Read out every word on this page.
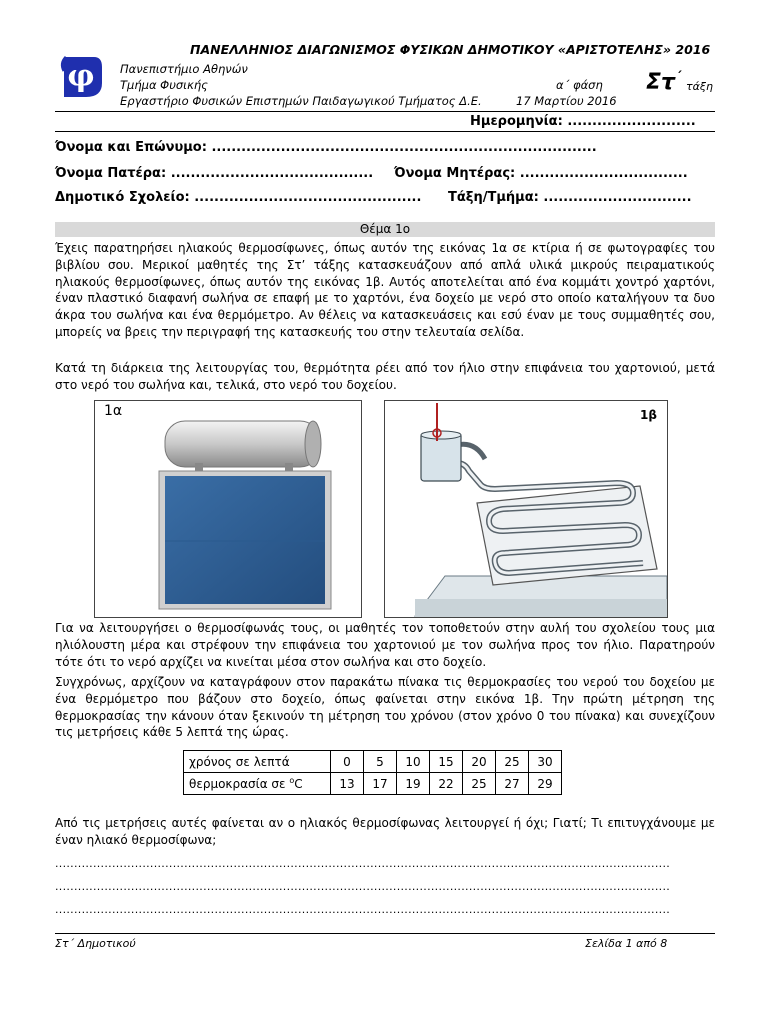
ΠΑΝΕΛΛΗΝΙΟΣ ΔΙΑΓΩΝΙΣΜΟΣ ΦΥΣΙΚΩΝ ΔΗΜΟΤΙΚΟΥ «ΑΡΙΣΤΟΤΕΛΗΣ» 2016
φ Πανεπιστήμιο Αθηνών
Τμήμα Φυσικής
Εργαστήριο Φυσικών Επιστημών Παιδαγωγικού Τμήματος Δ.Ε.
α΄ φάση
17 Μαρτίου 2016
Στ ΄
τάξη
Ημερομηνία: ..........................
Όνομα και Επώνυμο: ..............................................................................
Όνομα Πατέρα: ......................................... Όνομα Μητέρας: ..................................
Δημοτικό Σχολείο: .............................................. Τάξη/Τμήμα: ..............................
Θέμα 1ο

Έχεις παρατηρήσει ηλιακούς θερμοσίφωνες, όπως αυτόν της εικόνας 1α σε κτίρια ή σε φωτογραφίες του βιβλίου σου. Μερικοί μαθητές της Στ’ τάξης κατασκευάζουν από απλά υλικά μικρούς πειραματικούς ηλιακούς θερμοσίφωνες, όπως αυτόν της εικόνας 1β. Αυτός αποτελείται από ένα κομμάτι χοντρό χαρτόνι, έναν πλαστικό διαφανή σωλήνα σε επαφή με το χαρτόνι, ένα δοχείο με νερό στο οποίο καταλήγουν τα δυο άκρα του σωλήνα και ένα θερμόμετρο. Αν θέλεις να κατασκευάσεις και εσύ έναν με τους συμμαθητές σου, μπορείς να βρεις την περιγραφή της κατασκευής του στην τελευταία σελίδα.

Κατά τη διάρκεια της λειτουργίας του, θερμότητα ρέει από τον ήλιο στην επιφάνεια του χαρτονιού, μετά στο νερό του σωλήνα και, τελικά, στο νερό του δοχείου.

1α	1β

Για να λειτουργήσει ο θερμοσίφωνάς τους, οι μαθητές τον τοποθετούν στην αυλή του σχολείου τους μια ηλιόλουστη μέρα και στρέφουν την επιφάνεια του χαρτονιού με τον σωλήνα προς τον ήλιο. Παρατηρούν τότε ότι το νερό αρχίζει να κινείται μέσα στον σωλήνα και στο δοχείο.

Συγχρόνως, αρχίζουν να καταγράφουν στον παρακάτω πίνακα τις θερμοκρασίες του νερού του δοχείου με ένα θερμόμετρο που βάζουν στο δοχείο, όπως φαίνεται στην εικόνα 1β. Την πρώτη μέτρηση της θερμοκρασίας την κάνουν όταν ξεκινούν τη μέτρηση του χρόνου (στον χρόνο 0 του πίνακα) και συνεχίζουν τις μετρήσεις κάθε 5 λεπτά της ώρας.

χρόνος σε λεπτά	0	5	10	15	20	25	30
θερμοκρασία σε $^o$C	13	17	19	22	25	27	29

Από τις μετρήσεις αυτές φαίνεται αν ο ηλιακός θερμοσίφωνας λειτουργεί ή όχι; Γιατί; Τι επιτυγχάνουμε με έναν ηλιακό θερμοσίφωνα;

..................................................................................................................................................................
..................................................................................................................................................................
..................................................................................................................................................................
Στ΄ Δημοτικού	Σελίδα 1 από 8
